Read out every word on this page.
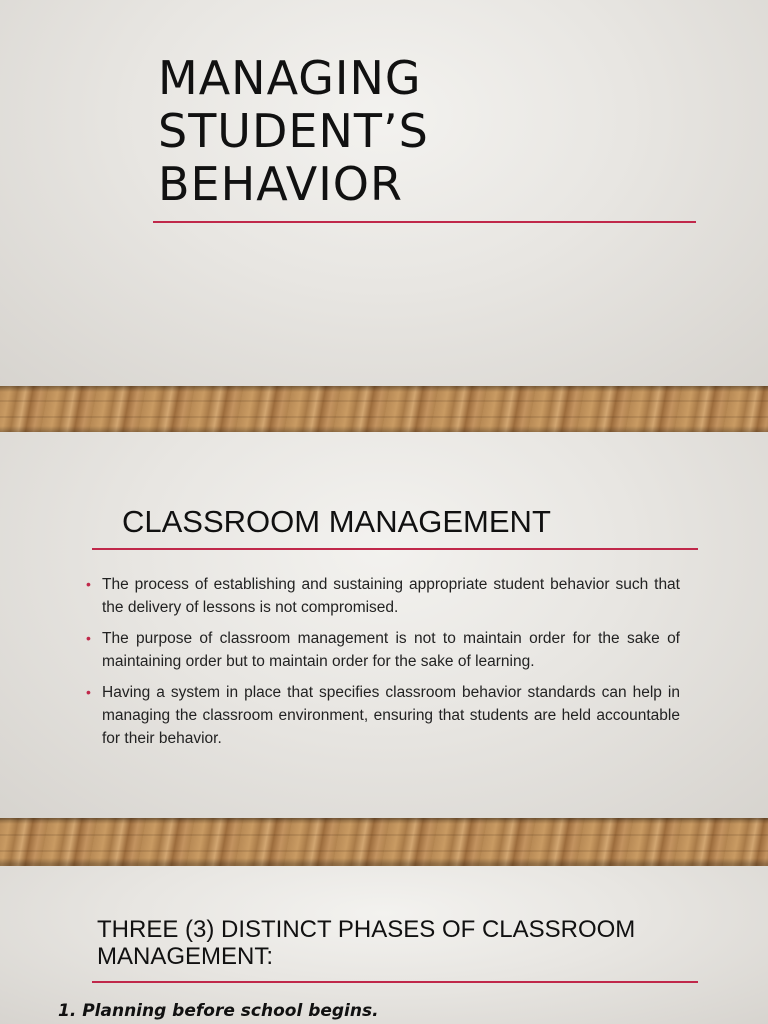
MANAGING
STUDENT’S
BEHAVIOR
CLASSROOM MANAGEMENT
• The process of establishing and sustaining appropriate student behavior such that the delivery of lessons is not compromised.
• The purpose of classroom management is not to maintain order for the sake of maintaining order but to maintain order for the sake of learning.
• Having a system in place that specifies classroom behavior standards can help in managing the classroom environment, ensuring that students are held accountable for their behavior.
THREE (3) DISTINCT PHASES OF CLASSROOM MANAGEMENT:

1. Planning before school begins.
